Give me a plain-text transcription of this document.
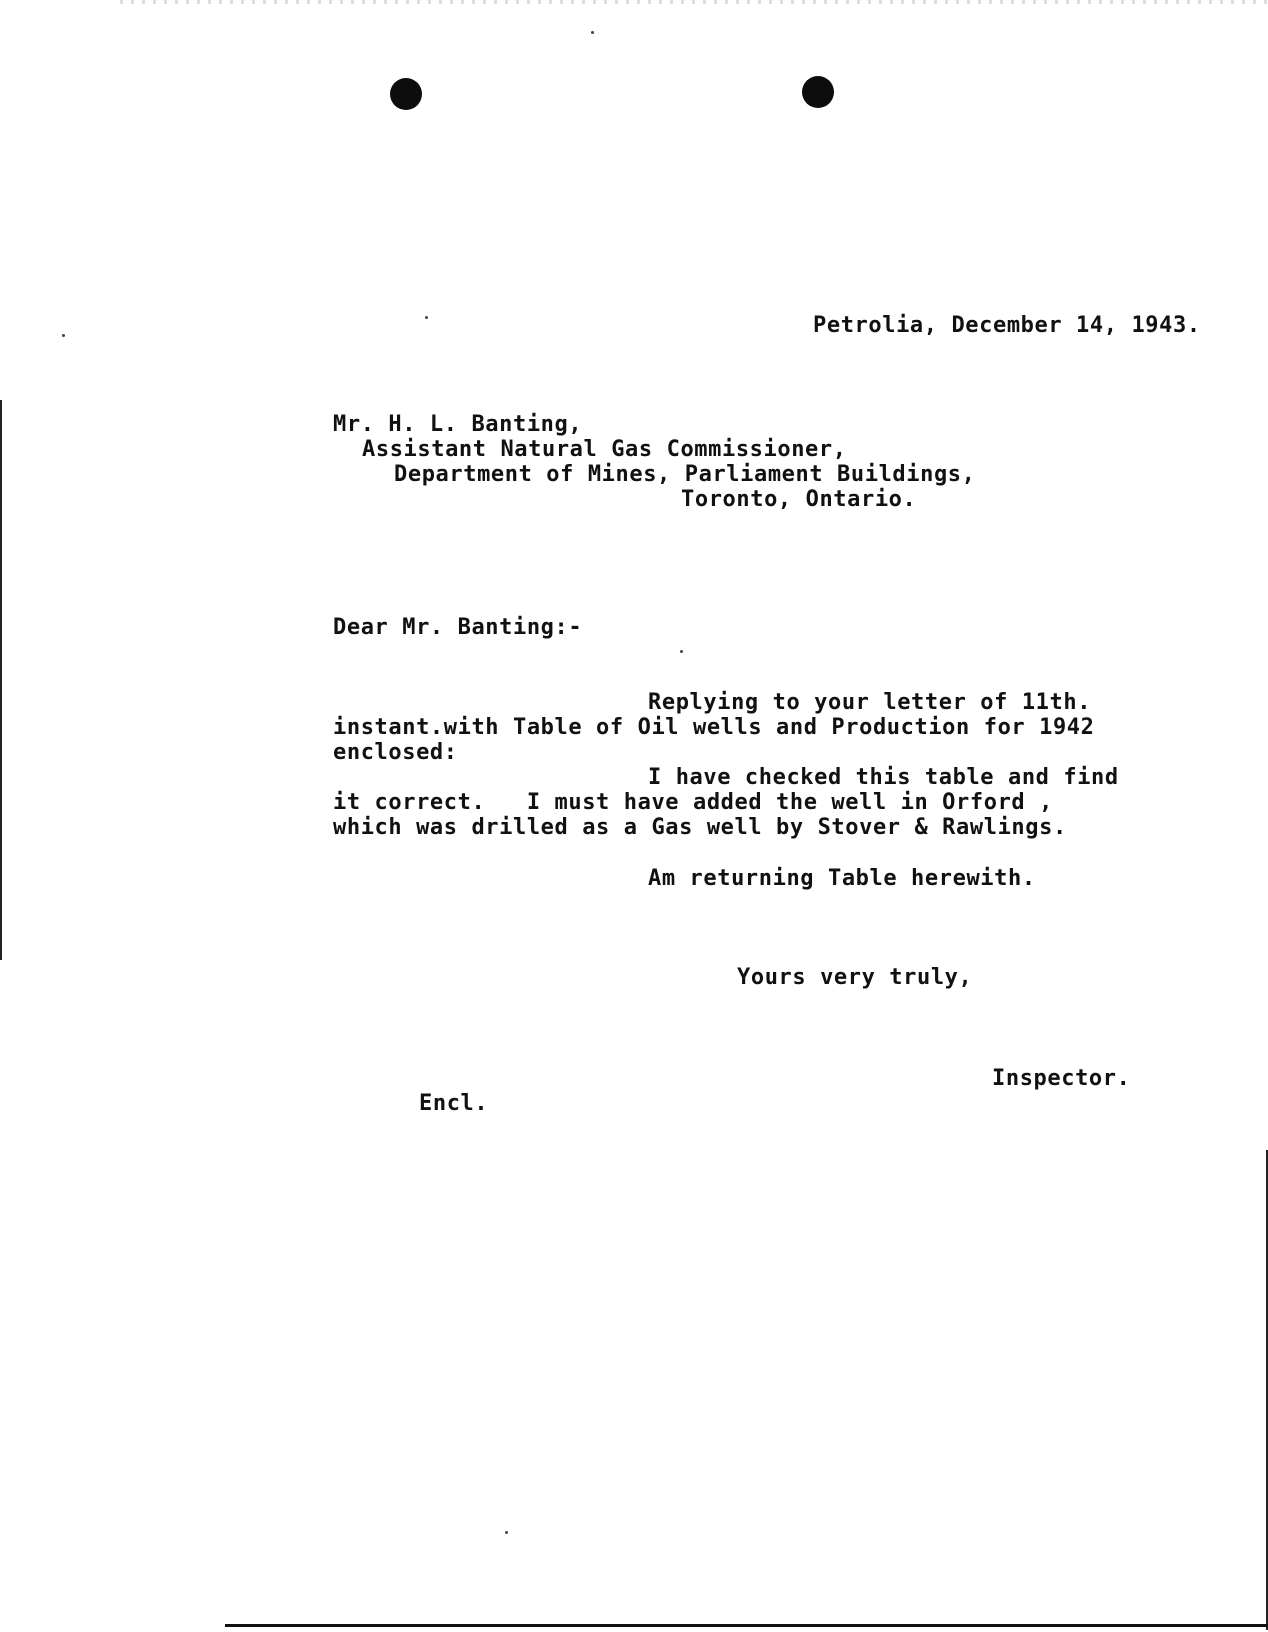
Petrolia, December 14, 1943.
Mr. H. L. Banting,
Assistant Natural Gas Commissioner,
Department of Mines, Parliament Buildings,
Toronto, Ontario.
Dear Mr. Banting:-
Replying to your letter of 11th.
instant.with Table of Oil wells and Production for 1942
enclosed:
I have checked this table and find
it correct.   I must have added the well in Orford ,
which was drilled as a Gas well by Stover & Rawlings.
Am returning Table herewith.
Yours very truly,
Inspector.
Encl.
